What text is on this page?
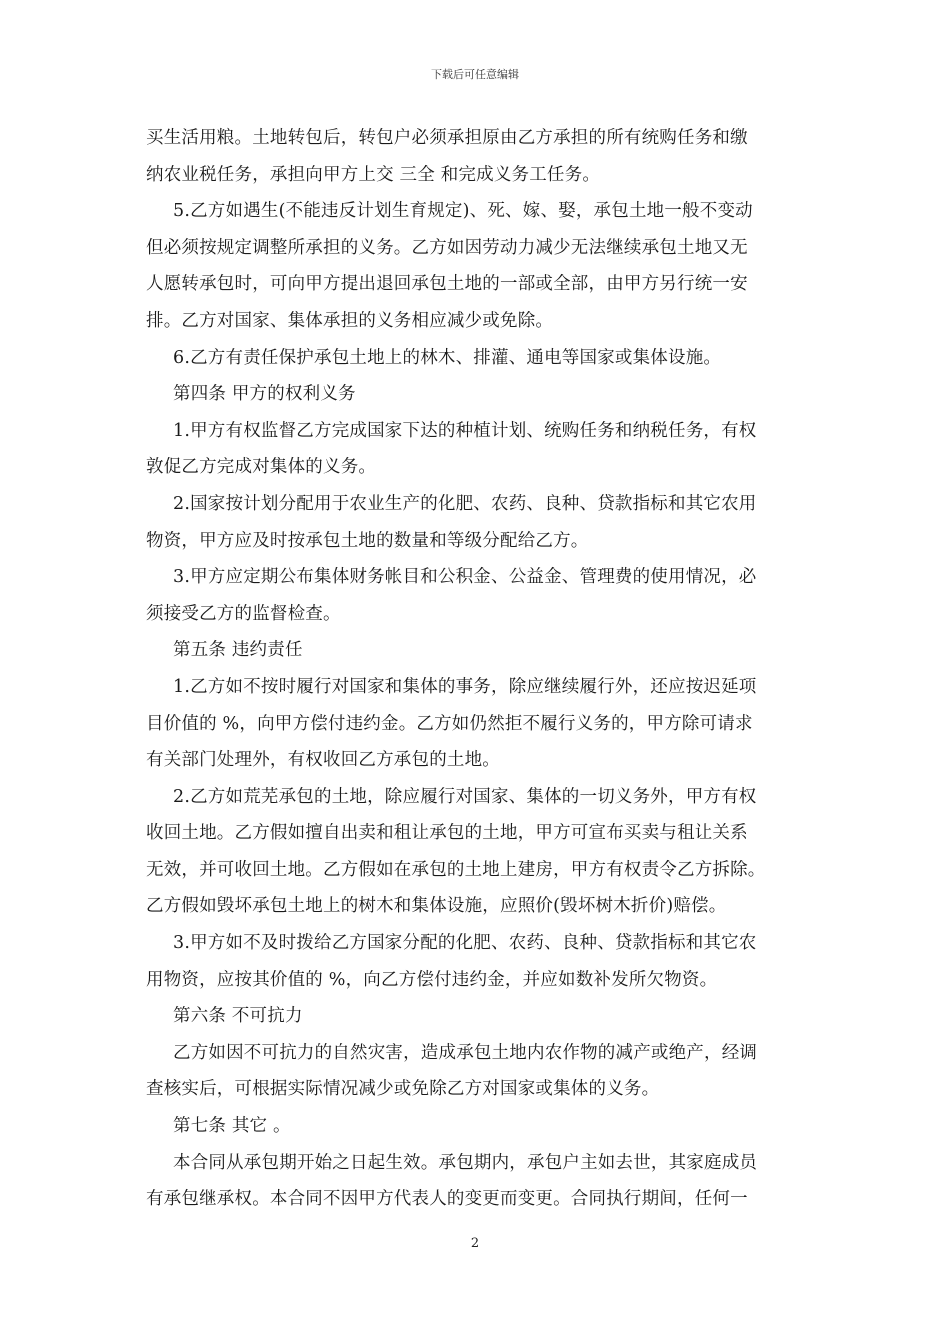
下载后可任意编辑
买生活用粮。土地转包后，转包户必须承担原由乙方承担的所有统购任务和缴
纳农业税任务，承担向甲方上交 三全 和完成义务工任务。
5.乙方如遇生(不能违反计划生育规定)、死、嫁、娶，承包土地一般不变动
但必须按规定调整所承担的义务。乙方如因劳动力减少无法继续承包土地又无
人愿转承包时，可向甲方提出退回承包土地的一部或全部，由甲方另行统一安
排。乙方对国家、集体承担的义务相应减少或免除。
6.乙方有责任保护承包土地上的林木、排灌、通电等国家或集体设施。
第四条 甲方的权利义务
1.甲方有权监督乙方完成国家下达的种植计划、统购任务和纳税任务，有权
敦促乙方完成对集体的义务。
2.国家按计划分配用于农业生产的化肥、农药、良种、贷款指标和其它农用
物资，甲方应及时按承包土地的数量和等级分配给乙方。
3.甲方应定期公布集体财务帐目和公积金、公益金、管理费的使用情况，必
须接受乙方的监督检查。
第五条 违约责任
1.乙方如不按时履行对国家和集体的事务，除应继续履行外，还应按迟延项
目价值的 %，向甲方偿付违约金。乙方如仍然拒不履行义务的，甲方除可请求
有关部门处理外，有权收回乙方承包的土地。
2.乙方如荒芜承包的土地，除应履行对国家、集体的一切义务外，甲方有权
收回土地。乙方假如擅自出卖和租让承包的土地，甲方可宣布买卖与租让关系
无效，并可收回土地。乙方假如在承包的土地上建房，甲方有权责令乙方拆除。
乙方假如毁坏承包土地上的树木和集体设施，应照价(毁坏树木折价)赔偿。
3.甲方如不及时拨给乙方国家分配的化肥、农药、良种、贷款指标和其它农
用物资，应按其价值的 %，向乙方偿付违约金，并应如数补发所欠物资。
第六条 不可抗力
乙方如因不可抗力的自然灾害，造成承包土地内农作物的减产或绝产，经调
查核实后，可根据实际情况减少或免除乙方对国家或集体的义务。
第七条 其它 。
本合同从承包期开始之日起生效。承包期内，承包户主如去世，其家庭成员
有承包继承权。本合同不因甲方代表人的变更而变更。合同执行期间，任何一
2
